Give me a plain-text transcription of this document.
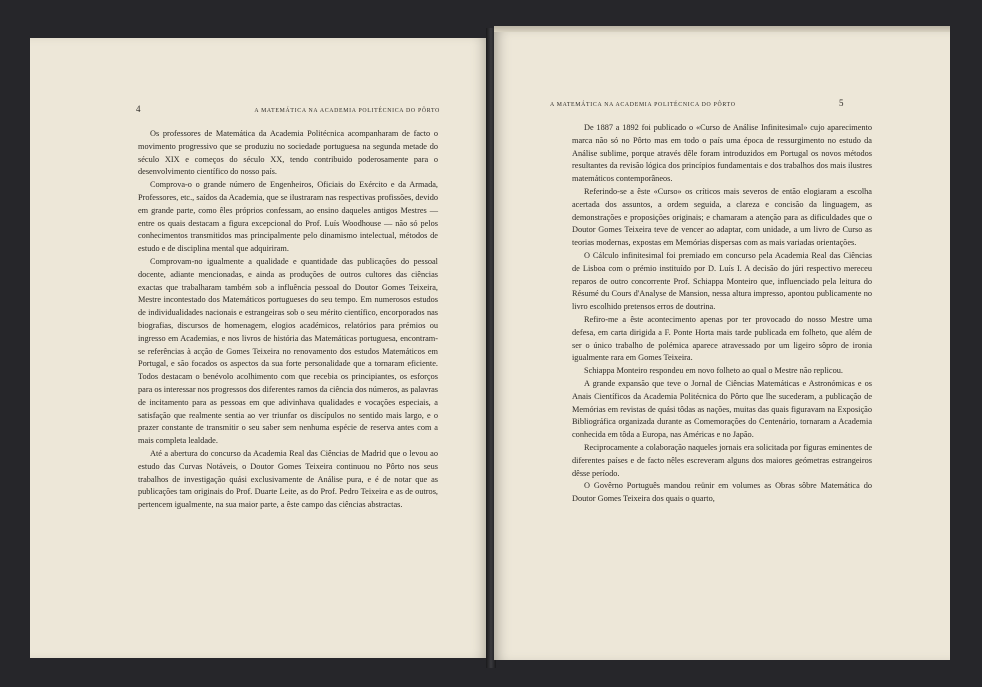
4	A MATEMÁTICA NA ACADEMIA POLITÉCNICA DO PÔRTO

Os professores de Matemática da Academia Politécnica acompanharam de facto o movimento progressivo que se produziu no sociedade portuguesa na segunda metade do século XIX e começos do século XX, tendo contribuido poderosamente para o desenvolvimento científico do nosso país.

Comprova-o o grande número de Engenheiros, Oficiais do Exército e da Armada, Professores, etc., saídos da Academia, que se ilustraram nas respectivas profissões, devido em grande parte, como êles próprios confessam, ao ensino daqueles antigos Mestres — entre os quais destacam a figura excepcional do Prof. Luís Woodhouse — não só pelos conhecimentos transmitidos mas principalmente pelo dinamismo intelectual, métodos de estudo e de disciplina mental que adquiriram.

Comprovam-no igualmente a qualidade e quantidade das publicações do pessoal docente, adiante mencionadas, e ainda as produções de outros cultores das ciências exactas que trabalharam também sob a influência pessoal do Doutor Gomes Teixeira, Mestre incontestado dos Matemáticos portugueses do seu tempo. Em numerosos estudos de individualidades nacionais e estrangeiras sob o seu mérito científico, encorporados nas biografias, discursos de homenagem, elogios académicos, relatórios para prémios ou ingresso em Academias, e nos livros de história das Matemáticas portuguesa, encontram-se referências à acção de Gomes Teixeira no renovamento dos estudos Matemáticos em Portugal, e são focados os aspectos da sua forte personalidade que a tornaram eficiente. Todos destacam o benévolo acolhimento com que recebia os principiantes, os esforços para os interessar nos progressos dos diferentes ramos da ciência dos números, as palavras de incitamento para as pessoas em que adivinhava qualidades e vocações especiais, a satisfação que realmente sentia ao ver triunfar os discípulos no sentido mais largo, e o prazer constante de transmitir o seu saber sem nenhuma espécie de reserva antes com a mais completa lealdade.

Até a abertura do concurso da Academia Real das Ciências de Madrid que o levou ao estudo das Curvas Notáveis, o Doutor Gomes Teixeira continuou no Pôrto nos seus trabalhos de investigação quási exclusivamente de Análise pura, e é de notar que as publicações tam originais do Prof. Duarte Leite, as do Prof. Pedro Teixeira e as de outros, pertencem igualmente, na sua maior parte, a êste campo das ciências abstractas.

A MATEMÁTICA NA ACADEMIA POLITÉCNICA DO PÔRTO	5

De 1887 a 1892 foi publicado o «Curso de Análise Infinitesimal» cujo aparecimento marca não só no Pôrto mas em todo o país uma época de ressurgimento no estudo da Análise sublime, porque através dêle foram introduzidos em Portugal os novos métodos resultantes da revisão lógica dos princípios fundamentais e dos trabalhos dos mais ilustres matemáticos contemporâneos.

Referindo-se a êste «Curso» os críticos mais severos de então elogiaram a escolha acertada dos assuntos, a ordem seguida, a clareza e concisão da linguagem, as demonstrações e proposições originais; e chamaram a atenção para as dificuldades que o Doutor Gomes Teixeira teve de vencer ao adaptar, com unidade, a um livro de Curso as teorias modernas, expostas em Memórias dispersas com as mais variadas orientações.

O Cálculo infinitesimal foi premiado em concurso pela Academia Real das Ciências de Lisboa com o prémio instituído por D. Luís I. A decisão do júri respectivo mereceu reparos de outro concorrente Prof. Schiappa Monteiro que, influenciado pela leitura do Résumé du Cours d'Analyse de Mansion, nessa altura impresso, apontou publicamente no livro escolhido pretensos erros de doutrina.

Refiro-me a êste acontecimento apenas por ter provocado do nosso Mestre uma defesa, em carta dirigida a F. Ponte Horta mais tarde publicada em folheto, que além de ser o único trabalho de polémica aparece atravessado por um ligeiro sôpro de ironia igualmente rara em Gomes Teixeira.

Schiappa Monteiro respondeu em novo folheto ao qual o Mestre não replicou.

A grande expansão que teve o Jornal de Ciências Matemáticas e Astronómicas e os Anais Científicos da Academia Politécnica do Pôrto que lhe sucederam, a publicação de Memórias em revistas de quási tôdas as nações, muitas das quais figuravam na Exposição Bibliográfica organizada durante as Comemorações do Centenário, tornaram a Academia conhecida em tôda a Europa, nas Américas e no Japão.

Reciprocamente a colaboração naqueles jornais era solicitada por figuras eminentes de diferentes países e de facto nêles escreveram alguns dos maiores geómetras estrangeiros dêsse período.

O Govêrno Português mandou reünir em volumes as Obras sôbre Matemática do Doutor Gomes Teixeira dos quais o quarto,
